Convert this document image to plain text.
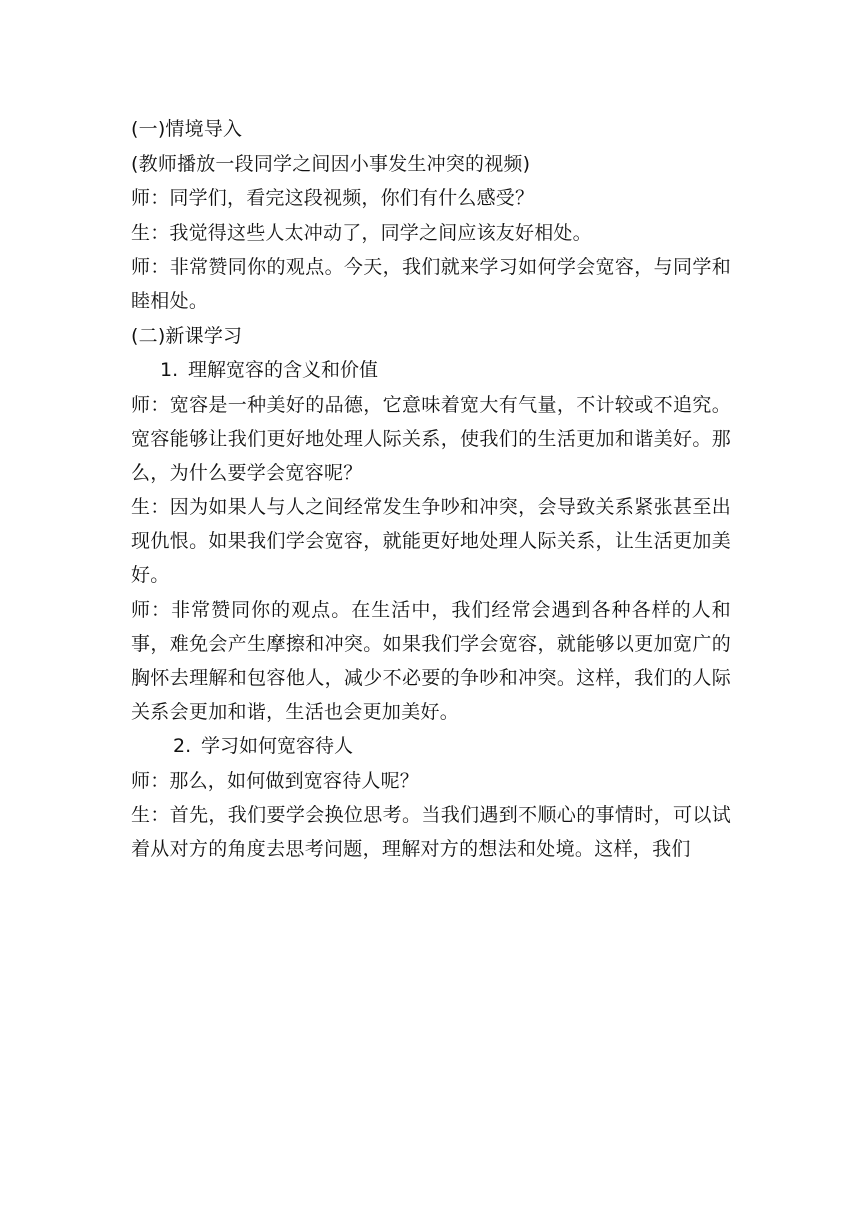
(一)情境导入
(教师播放一段同学之间因小事发生冲突的视频)
师：同学们，看完这段视频，你们有什么感受？
生：我觉得这些人太冲动了，同学之间应该友好相处。

师：非常赞同你的观点。今天，我们就来学习如何学会宽容，与同学和睦相处。

(二)新课学习
1. 理解宽容的含义和价值

师：宽容是一种美好的品德，它意味着宽大有气量，不计较或不追究。宽容能够让我们更好地处理人际关系，使我们的生活更加和谐美好。那么，为什么要学会宽容呢？

生：因为如果人与人之间经常发生争吵和冲突，会导致关系紧张甚至出现仇恨。如果我们学会宽容，就能更好地处理人际关系，让生活更加美好。

师：非常赞同你的观点。在生活中，我们经常会遇到各种各样的人和事，难免会产生摩擦和冲突。如果我们学会宽容，就能够以更加宽广的胸怀去理解和包容他人，减少不必要的争吵和冲突。这样，我们的人际关系会更加和谐，生活也会更加美好。

2. 学习如何宽容待人
师：那么，如何做到宽容待人呢？

生：首先，我们要学会换位思考。当我们遇到不顺心的事情时，可以试着从对方的角度去思考问题，理解对方的想法和处境。这样，我们
